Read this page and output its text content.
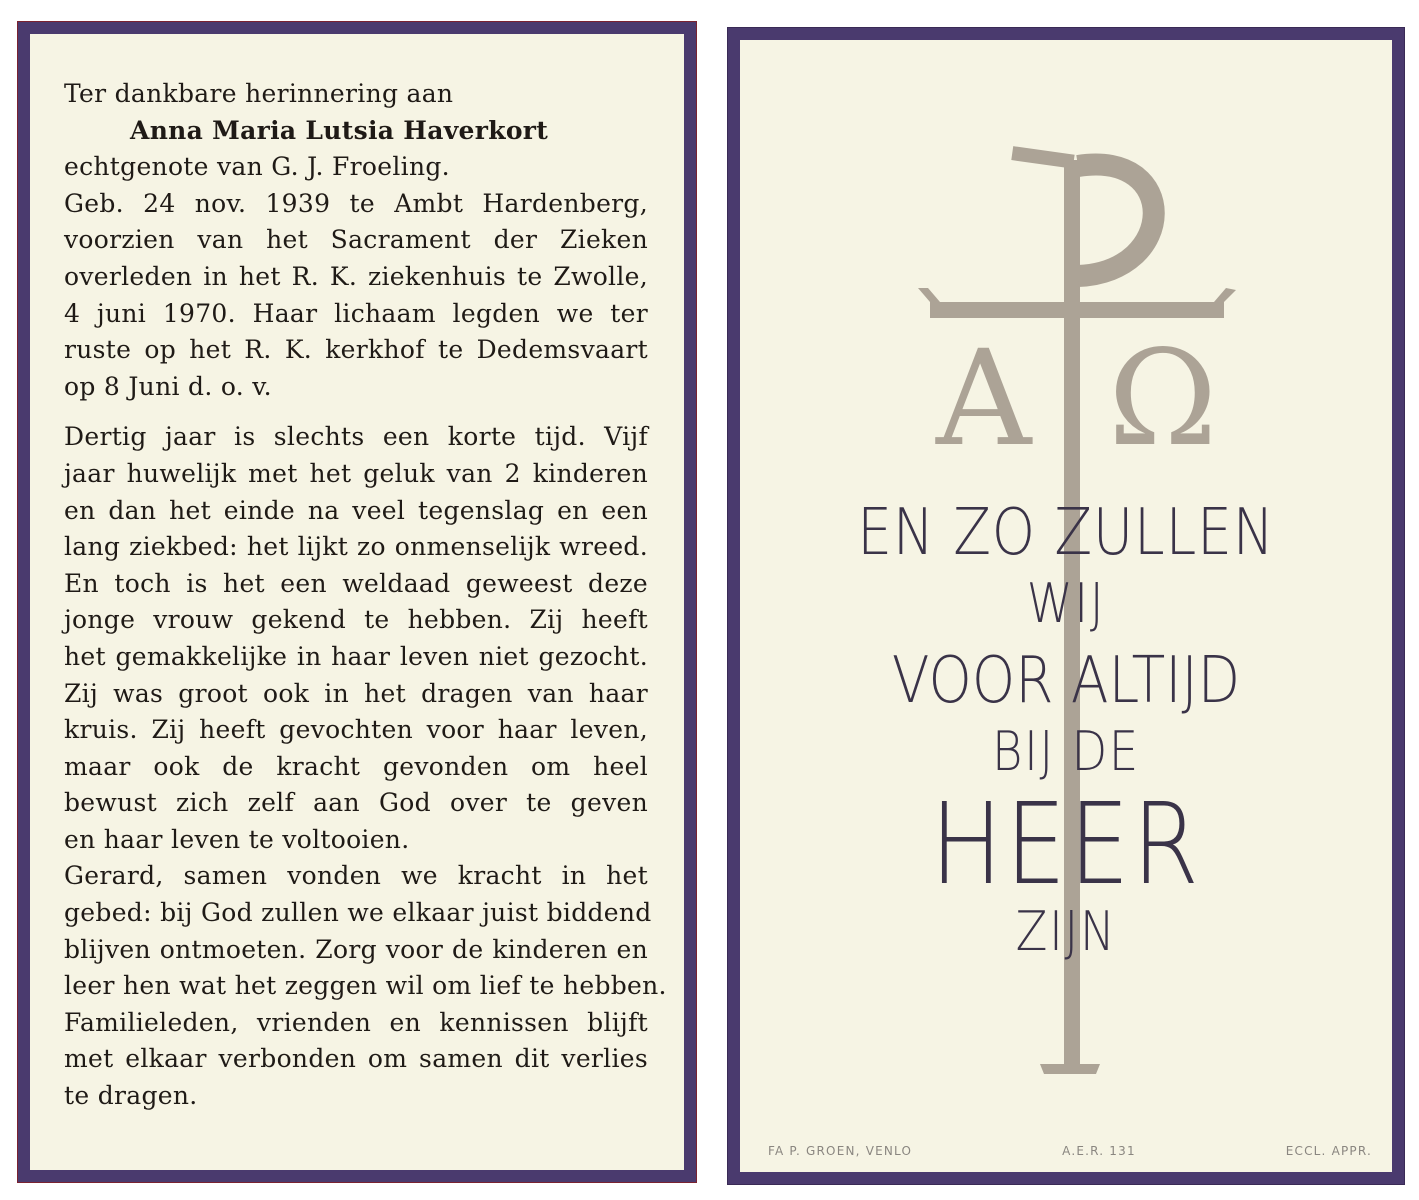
Ter dankbare herinnering aan
Anna Maria Lutsia Haverkort
echtgenote van G. J. Froeling.
Geb. 24 nov. 1939 te Ambt Hardenberg,
voorzien van het Sacrament der Zieken
overleden in het R. K. ziekenhuis te Zwolle,
4 juni 1970. Haar lichaam legden we ter
ruste op het R. K. kerkhof te Dedemsvaart
op 8 Juni d. o. v.
Dertig jaar is slechts een korte tijd. Vijf
jaar huwelijk met het geluk van 2 kinderen
en dan het einde na veel tegenslag en een
lang ziekbed: het lijkt zo onmenselijk wreed.
En toch is het een weldaad geweest deze
jonge vrouw gekend te hebben. Zij heeft
het gemakkelijke in haar leven niet gezocht.
Zij was groot ook in het dragen van haar
kruis. Zij heeft gevochten voor haar leven,
maar ook de kracht gevonden om heel
bewust zich zelf aan God over te geven
en haar leven te voltooien.
Gerard, samen vonden we kracht in het
gebed: bij God zullen we elkaar juist biddend
blijven ontmoeten. Zorg voor de kinderen en
leer hen wat het zeggen wil om lief te hebben.
Familieleden, vrienden en kennissen blijft
met elkaar verbonden om samen dit verlies
te dragen.
A Ω
EN ZO ZULLEN
WIJ
VOOR ALTIJD
BIJ DE
HEER
ZIJN
FA P. GROEN, VENLO	A.E.R. 131	ECCL. APPR.
